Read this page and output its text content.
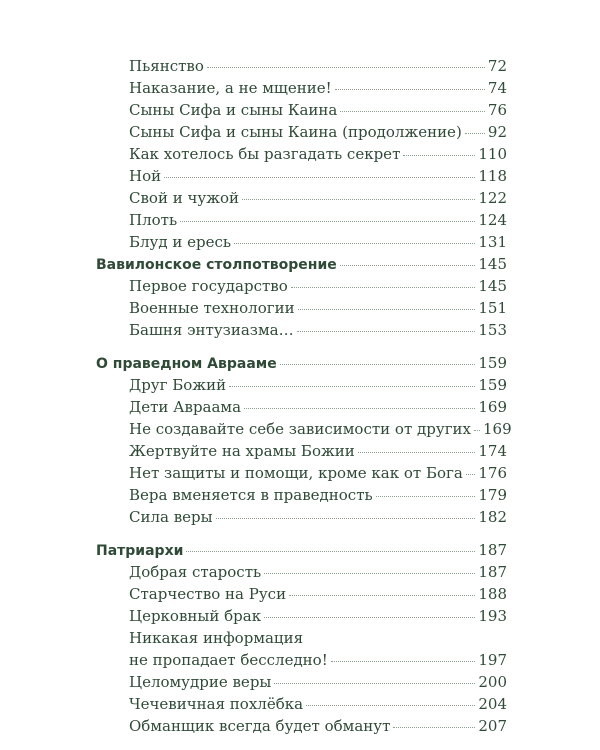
Пьянство	72
Наказание, а не мщение!	74
Сыны Сифа и сыны Каина	76
Сыны Сифа и сыны Каина (продолжение) 92
Как хотелось бы разгадать секрет	110
Ной	118
Свой и чужой	122
Плоть	124
Блуд и ересь	131
Вавилонское столпотворение	145
Первое государство	145
Военные технологии	151
Башня энтузиазма…	153
О праведном Аврааме	159
Друг Божий	159
Дети Авраама	169
Не создавайте себе зависимости от других 169
Жертвуйте на храмы Божии	174
Нет защиты и помощи, кроме как от Бога 176
Вера вменяется в праведность	179
Сила веры	182
Патриархи	187
Добрая старость	187
Старчество на Руси	188
Церковный брак	193
Никакая информация
не пропадает бесследно!	197
Целомудрие веры	200
Чечевичная похлёбка	204
Обманщик всегда будет обманут	207
